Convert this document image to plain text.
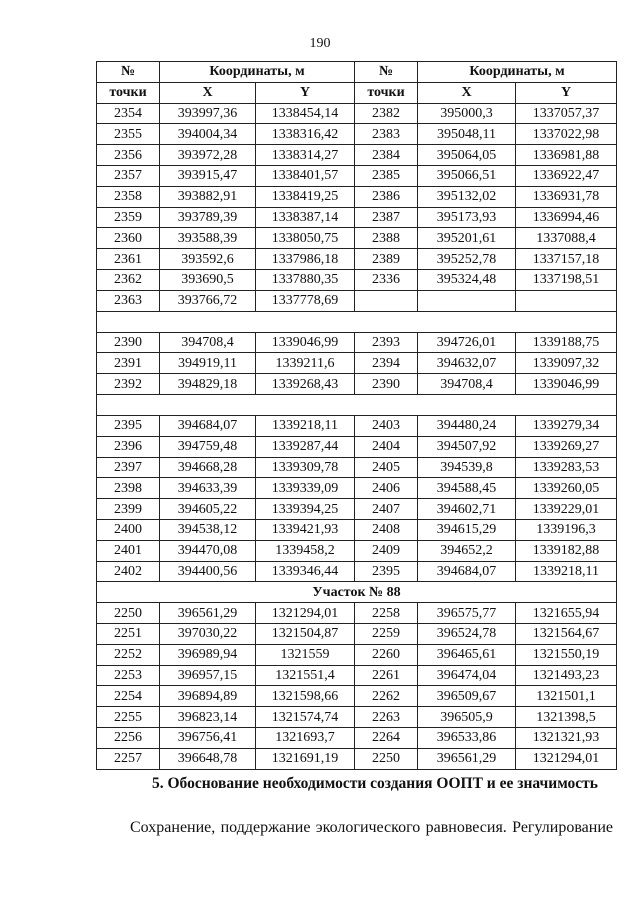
190
№	Координаты, м		№	Координаты, м	
точки	X	Y	точки	X	Y
2354	393997,36	1338454,14	2382	395000,3	1337057,37
2355	394004,34	1338316,42	2383	395048,11	1337022,98
2356	393972,28	1338314,27	2384	395064,05	1336981,88
2357	393915,47	1338401,57	2385	395066,51	1336922,47
2358	393882,91	1338419,25	2386	395132,02	1336931,78
2359	393789,39	1338387,14	2387	395173,93	1336994,46
2360	393588,39	1338050,75	2388	395201,61	1337088,4
2361	393592,6	1337986,18	2389	395252,78	1337157,18
2362	393690,5	1337880,35	2336	395324,48	1337198,51
2363	393766,72	1337778,69			

2390	394708,4	1339046,99	2393	394726,01	1339188,75
2391	394919,11	1339211,6	2394	394632,07	1339097,32
2392	394829,18	1339268,43	2390	394708,4	1339046,99

2395	394684,07	1339218,11	2403	394480,24	1339279,34
2396	394759,48	1339287,44	2404	394507,92	1339269,27
2397	394668,28	1339309,78	2405	394539,8	1339283,53
2398	394633,39	1339339,09	2406	394588,45	1339260,05
2399	394605,22	1339394,25	2407	394602,71	1339229,01
2400	394538,12	1339421,93	2408	394615,29	1339196,3
2401	394470,08	1339458,2	2409	394652,2	1339182,88
2402	394400,56	1339346,44	2395	394684,07	1339218,11
Участок № 88					
2250	396561,29	1321294,01	2258	396575,77	1321655,94
2251	397030,22	1321504,87	2259	396524,78	1321564,67
2252	396989,94	1321559	2260	396465,61	1321550,19
2253	396957,15	1321551,4	2261	396474,04	1321493,23
2254	396894,89	1321598,66	2262	396509,67	1321501,1
2255	396823,14	1321574,74	2263	396505,9	1321398,5
2256	396756,41	1321693,7	2264	396533,86	1321321,93
2257	396648,78	1321691,19	2250	396561,29	1321294,01
5. Обоснование необходимости создания ООПТ и ее значимость
Сохранение, поддержание экологического равновесия. Регулирование
